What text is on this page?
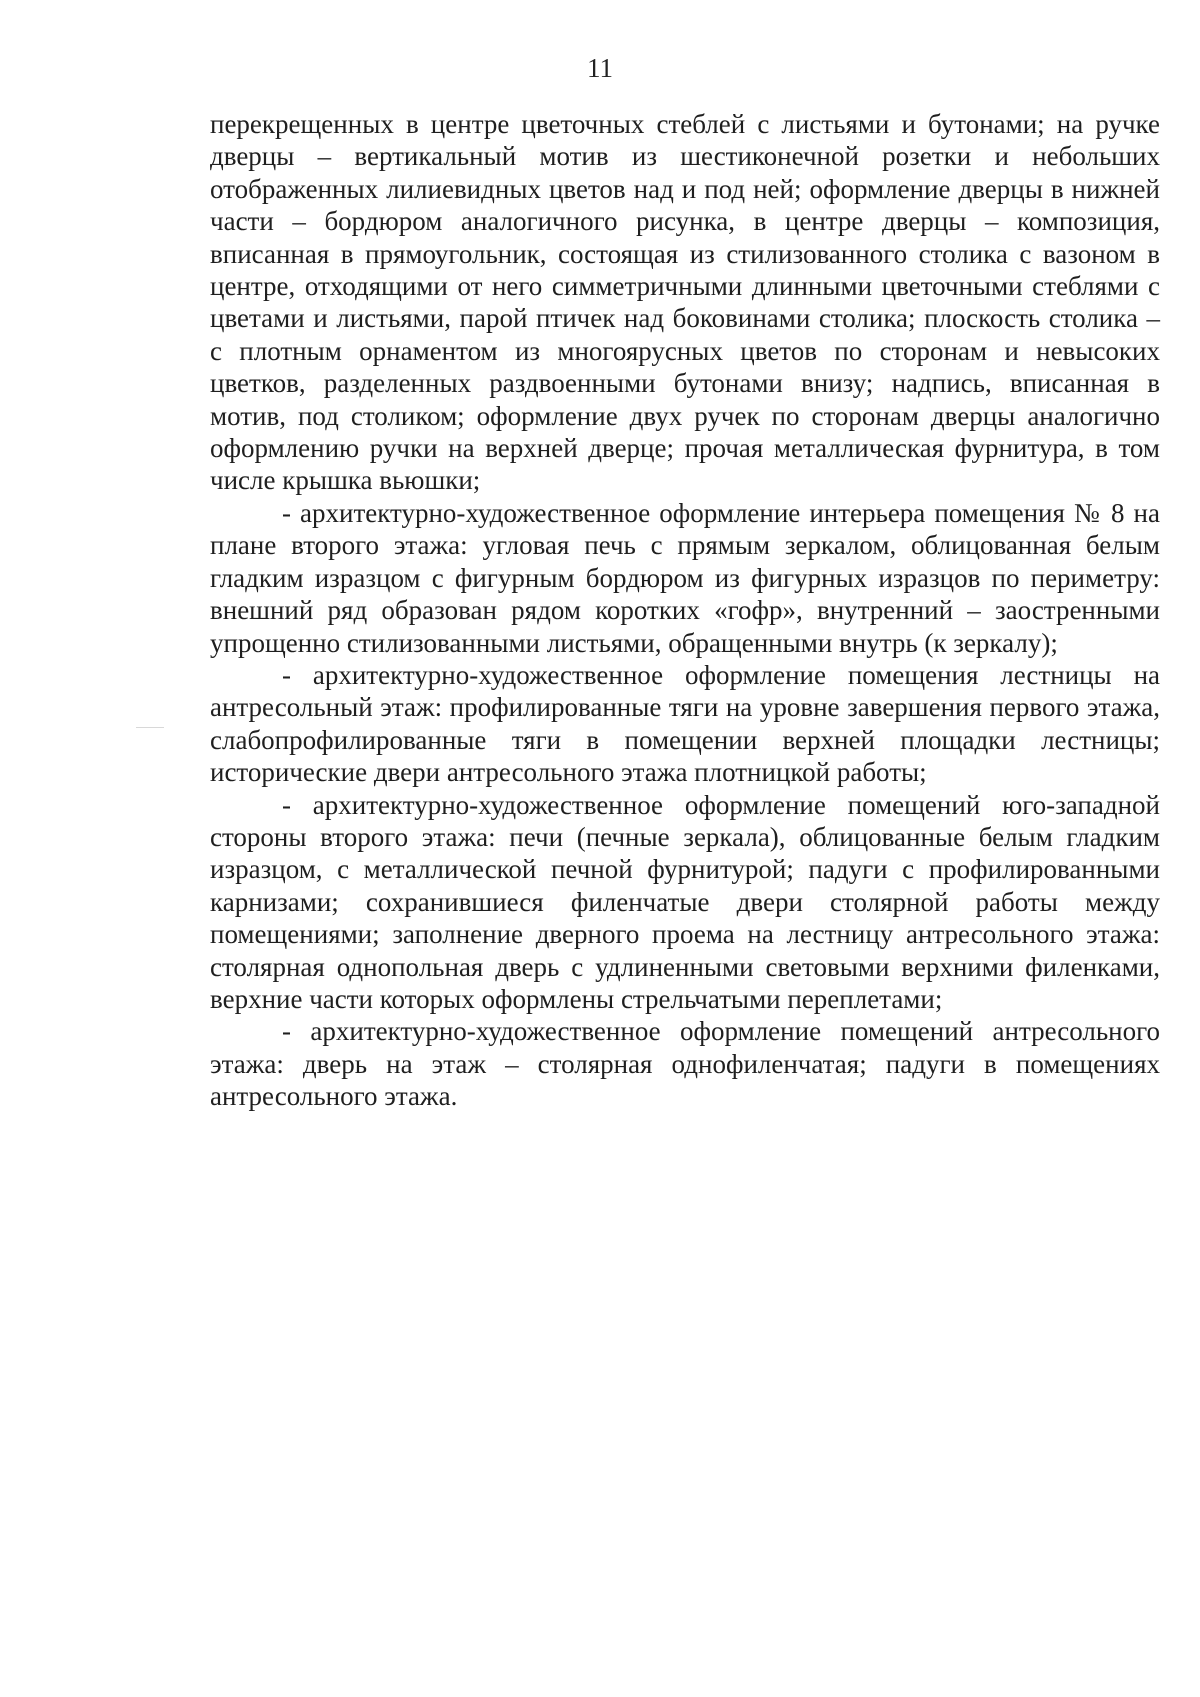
11

перекрещенных в центре цветочных стеблей с листьями и бутонами; на ручке дверцы – вертикальный мотив из шестиконечной розетки и небольших отображенных лилиевидных цветов над и под ней; оформление дверцы в нижней части – бордюром аналогичного рисунка, в центре дверцы – композиция, вписанная в прямоугольник, состоящая из стилизованного столика с вазоном в центре, отходящими от него симметричными длинными цветочными стеблями с цветами и листьями, парой птичек над боковинами столика; плоскость столика – с плотным орнаментом из многоярусных цветов по сторонам и невысоких цветков, разделенных раздвоенными бутонами внизу; надпись, вписанная в мотив, под столиком; оформление двух ручек по сторонам дверцы аналогично оформлению ручки на верхней дверце; прочая металлическая фурнитура, в том числе крышка вьюшки;

- архитектурно-художественное оформление интерьера помещения № 8 на плане второго этажа: угловая печь с прямым зеркалом, облицованная белым гладким изразцом с фигурным бордюром из фигурных изразцов по периметру: внешний ряд образован рядом коротких «гофр», внутренний – заостренными упрощенно стилизованными листьями, обращенными внутрь (к зеркалу);

- архитектурно-художественное оформление помещения лестницы на антресольный этаж: профилированные тяги на уровне завершения первого этажа, слабопрофилированные тяги в помещении верхней площадки лестницы; исторические двери антресольного этажа плотницкой работы;

- архитектурно-художественное оформление помещений юго-западной стороны второго этажа: печи (печные зеркала), облицованные белым гладким изразцом, с металлической печной фурнитурой; падуги с профилированными карнизами; сохранившиеся филенчатые двери столярной работы между помещениями; заполнение дверного проема на лестницу антресольного этажа: столярная однопольная дверь с удлиненными световыми верхними филенками, верхние части которых оформлены стрельчатыми переплетами;

- архитектурно-художественное оформление помещений антресольного этажа: дверь на этаж – столярная однофиленчатая; падуги в помещениях антресольного этажа.
